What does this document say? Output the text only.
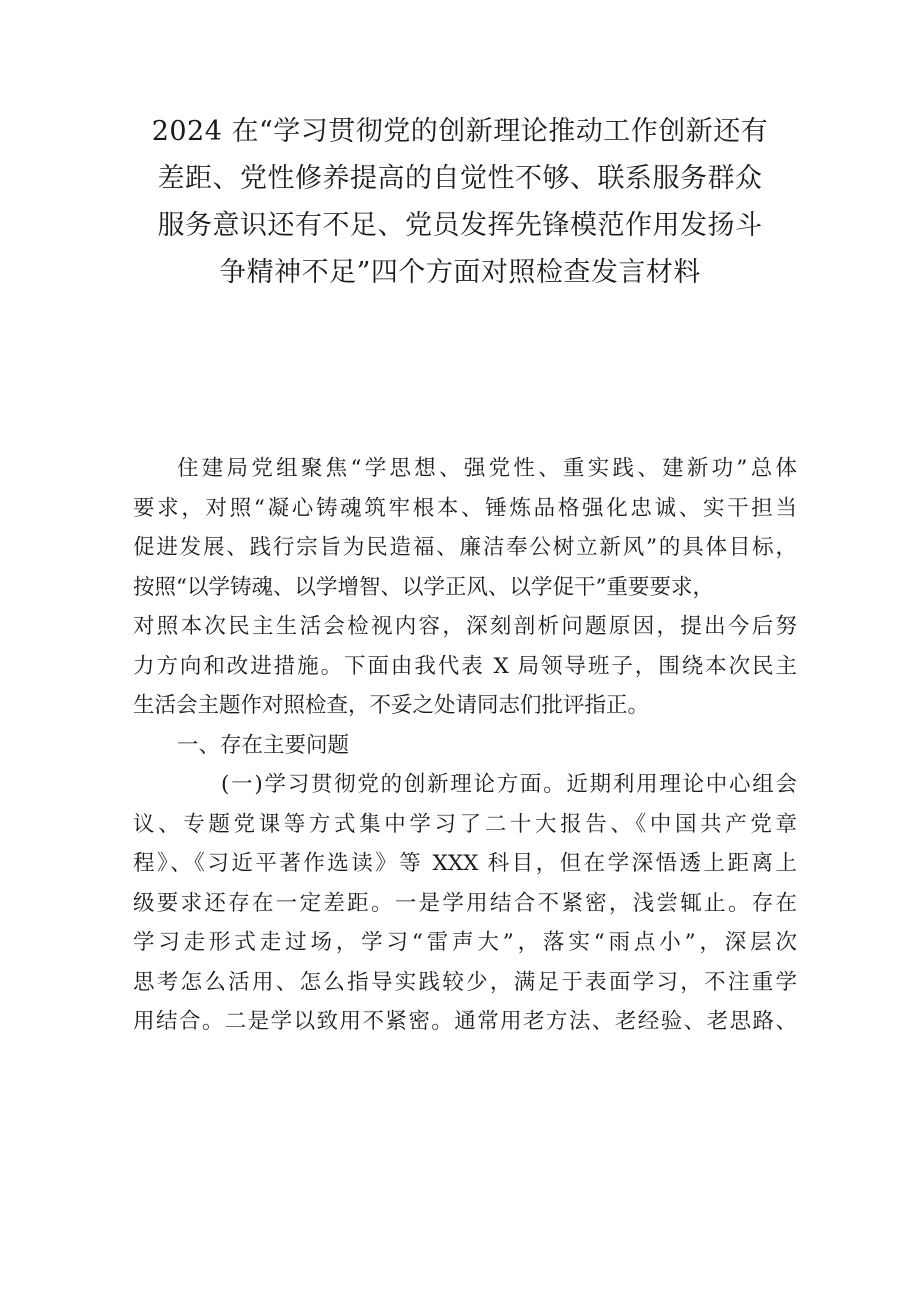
2024 在“学习贯彻党的创新理论推动工作创新还有
差距、党性修养提高的自觉性不够、联系服务群众
服务意识还有不足、党员发挥先锋模范作用发扬斗
争精神不足”四个方面对照检查发言材料
住建局党组聚焦“学思想、强党性、重实践、建新功”总体
要求，对照“凝心铸魂筑牢根本、锤炼品格强化忠诚、实干担当
促进发展、践行宗旨为民造福、廉洁奉公树立新风”的具体目标，
按照“以学铸魂、以学增智、以学正风、以学促干”重要要求，
对照本次民主生活会检视内容，深刻剖析问题原因，提出今后努
力方向和改进措施。下面由我代表 X 局领导班子，围绕本次民主
生活会主题作对照检查，不妥之处请同志们批评指正。
一、存在主要问题
(一)学习贯彻党的创新理论方面。近期利用理论中心组会
议、专题党课等方式集中学习了二十大报告、《中国共产党章
程》、《习近平著作选读》等 XXX 科目，但在学深悟透上距离上
级要求还存在一定差距。一是学用结合不紧密，浅尝辄止。存在
学习走形式走过场，学习“雷声大”，落实“雨点小”，深层次
思考怎么活用、怎么指导实践较少，满足于表面学习，不注重学
用结合。二是学以致用不紧密。通常用老方法、老经验、老思路、
